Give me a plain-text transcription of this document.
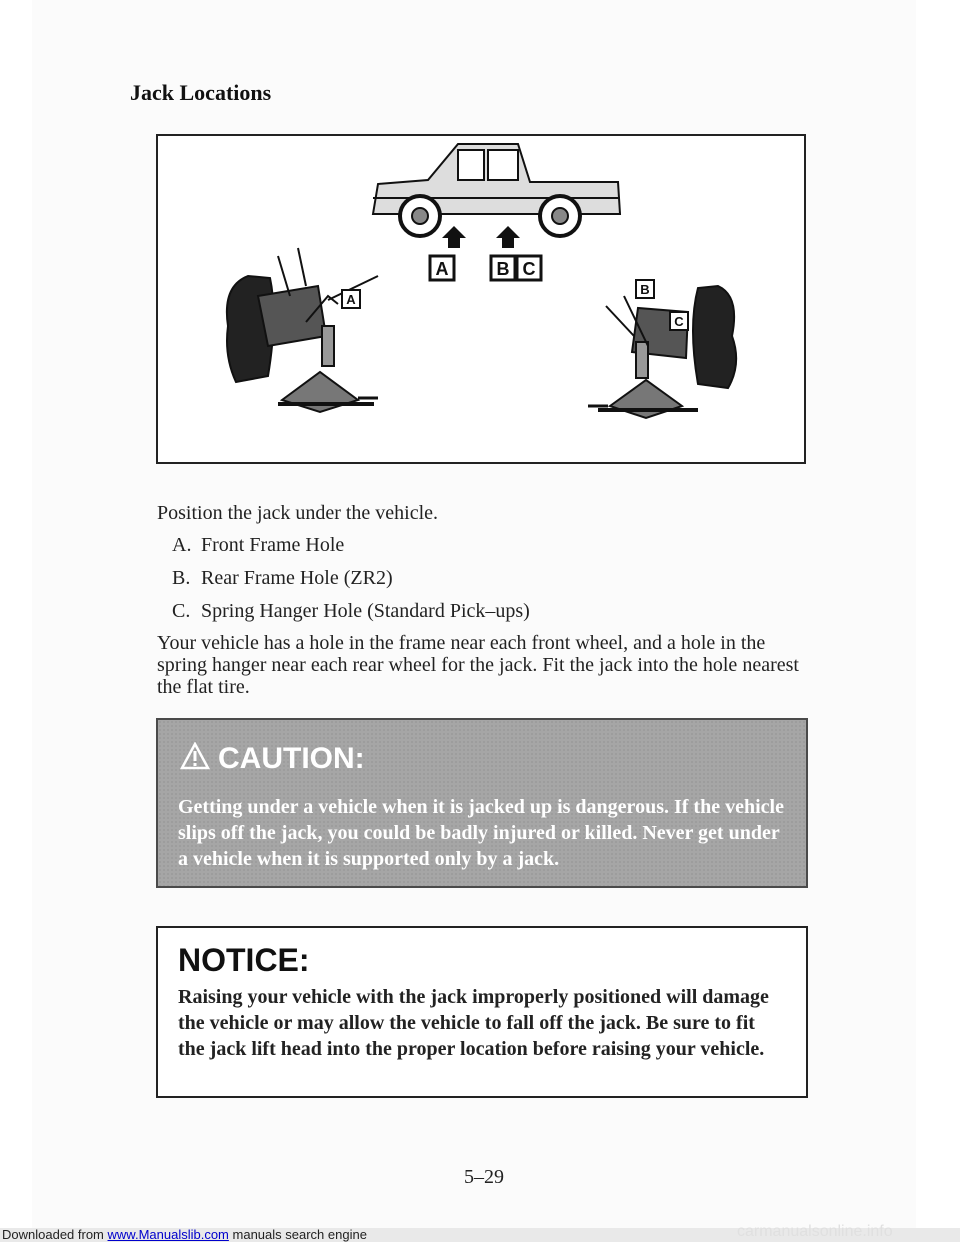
Jack Locations
A	B C
A
B
C
Position the jack under the vehicle.
A. Front Frame Hole
B. Rear Frame Hole (ZR2)
C. Spring Hanger Hole (Standard Pick–ups)
Your vehicle has a hole in the frame near each front wheel, and a hole in the spring hanger near each rear wheel for the jack. Fit the jack into the hole nearest the flat tire.
CAUTION:
Getting under a vehicle when it is jacked up is dangerous. If the vehicle slips off the jack, you could be badly injured or killed. Never get under a vehicle when it is supported only by a jack.
NOTICE:
Raising your vehicle with the jack improperly positioned will damage the vehicle or may allow the vehicle to fall off the jack. Be sure to fit the jack lift head into the proper location before raising your vehicle.
5–29
Downloaded from www.Manualslib.com manuals search engine	carmanualsonline.info
